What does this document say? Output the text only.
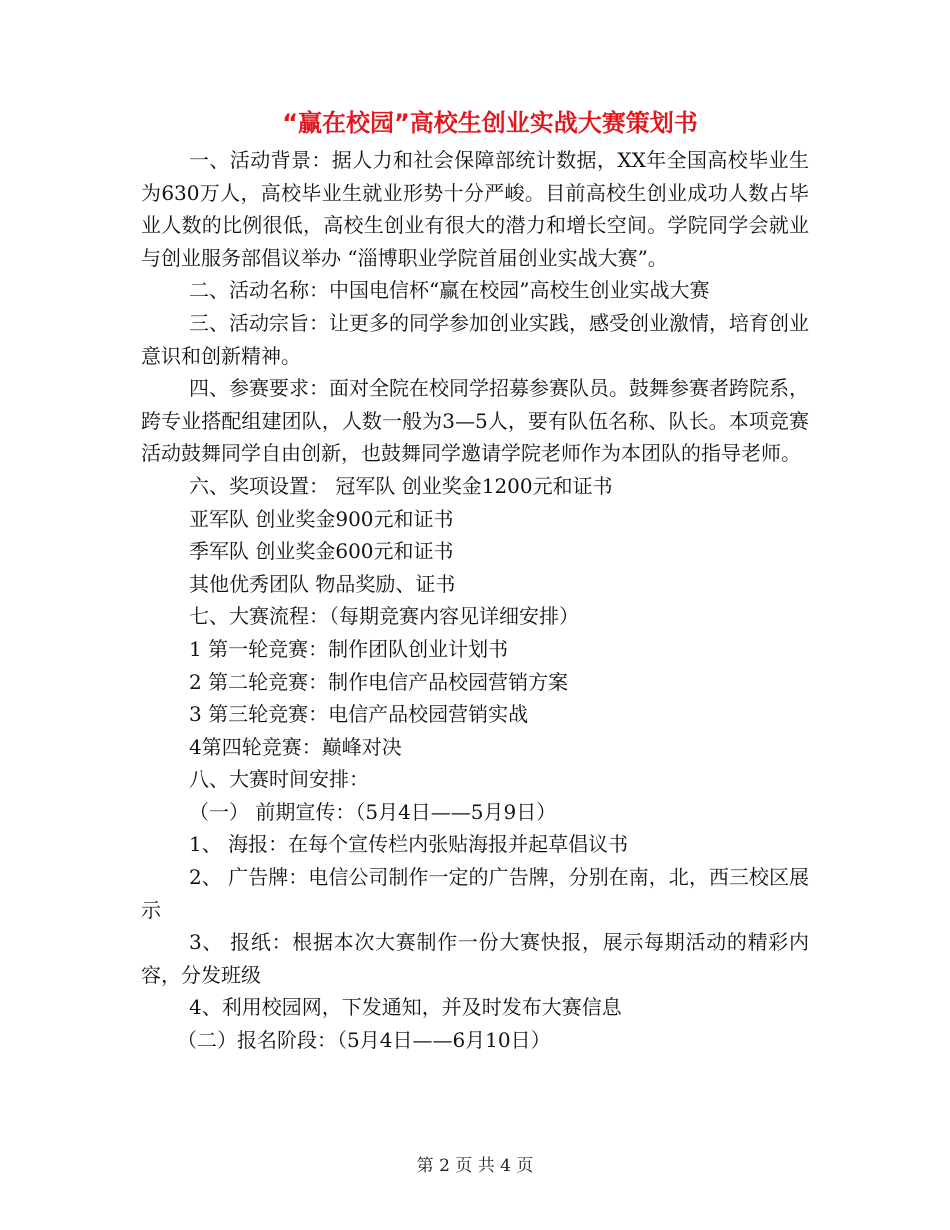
“赢在校园”高校生创业实战大赛策划书

一、活动背景：据人力和社会保障部统计数据，XX年全国高校毕业生为630万人，高校毕业生就业形势十分严峻。目前高校生创业成功人数占毕业人数的比例很低，高校生创业有很大的潜力和增长空间。学院同学会就业与创业服务部倡议举办 “淄博职业学院首届创业实战大赛”。

二、活动名称：中国电信杯“赢在校园”高校生创业实战大赛

三、活动宗旨：让更多的同学参加创业实践，感受创业激情，培育创业意识和创新精神。

四、参赛要求：面对全院在校同学招募参赛队员。鼓舞参赛者跨院系，跨专业搭配组建团队，人数一般为3—5人，要有队伍名称、队长。本项竞赛活动鼓舞同学自由创新，也鼓舞同学邀请学院老师作为本团队的指导老师。

六、奖项设置： 冠军队 创业奖金1200元和证书

亚军队 创业奖金900元和证书

季军队 创业奖金600元和证书

其他优秀团队 物品奖励、证书

七、大赛流程：（每期竞赛内容见详细安排）

1 第一轮竞赛：制作团队创业计划书

2 第二轮竞赛：制作电信产品校园营销方案

3 第三轮竞赛：电信产品校园营销实战

4第四轮竞赛：巅峰对决

八、大赛时间安排：

（一） 前期宣传：（5月4日——5月9日）

1、 海报：在每个宣传栏内张贴海报并起草倡议书

2、 广告牌：电信公司制作一定的广告牌，分别在南，北，西三校区展示

3、 报纸：根据本次大赛制作一份大赛快报，展示每期活动的精彩内容，分发班级

4、利用校园网，下发通知，并及时发布大赛信息

（二）报名阶段：（5月4日——6月10日）

第 2 页 共 4 页
